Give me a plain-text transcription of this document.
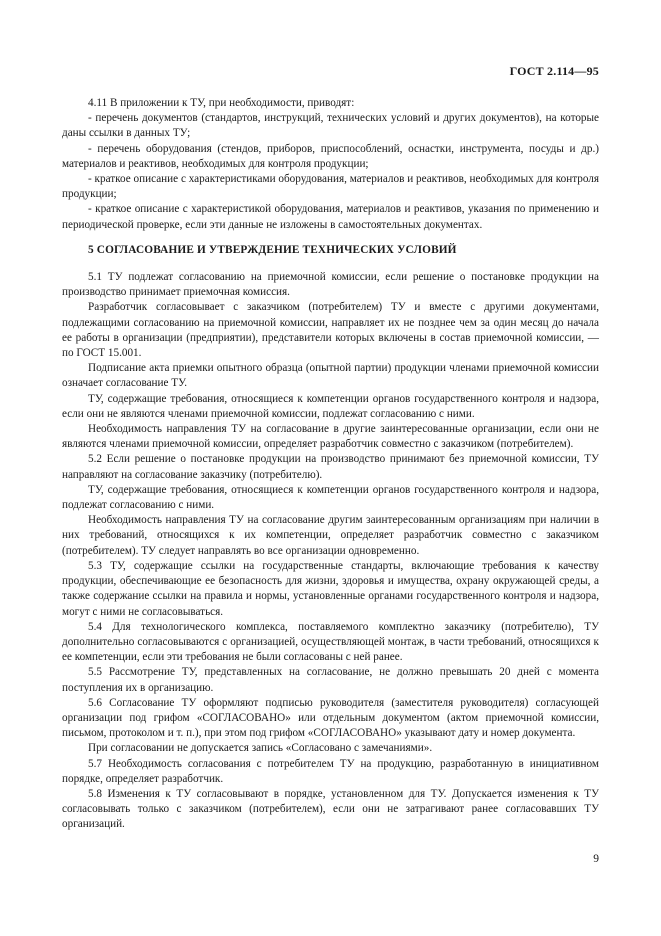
ГОСТ 2.114—95

4.11 В приложении к ТУ, при необходимости, приводят:

- перечень документов (стандартов, инструкций, технических условий и других документов), на которые даны ссылки в данных ТУ;

- перечень оборудования (стендов, приборов, приспособлений, оснастки, инструмента, посуды и др.) материалов и реактивов, необходимых для контроля продукции;

- краткое описание с характеристиками оборудования, материалов и реактивов, необходимых для контроля продукции;

- краткое описание с характеристикой оборудования, материалов и реактивов, указания по применению и периодической проверке, если эти данные не изложены в самостоятельных документах.

5 СОГЛАСОВАНИЕ И УТВЕРЖДЕНИЕ ТЕХНИЧЕСКИХ УСЛОВИЙ

5.1 ТУ подлежат согласованию на приемочной комиссии, если решение о постановке продукции на производство принимает приемочная комиссия.

Разработчик согласовывает с заказчиком (потребителем) ТУ и вместе с другими документами, подлежащими согласованию на приемочной комиссии, направляет их не позднее чем за один месяц до начала ее работы в организации (предприятии), представители которых включены в состав приемочной комиссии, — по ГОСТ 15.001.

Подписание акта приемки опытного образца (опытной партии) продукции членами приемочной комиссии означает согласование ТУ.

ТУ, содержащие требования, относящиеся к компетенции органов государственного контроля и надзора, если они не являются членами приемочной комиссии, подлежат согласованию с ними.

Необходимость направления ТУ на согласование в другие заинтересованные организации, если они не являются членами приемочной комиссии, определяет разработчик совместно с заказчиком (потребителем).

5.2 Если решение о постановке продукции на производство принимают без приемочной комиссии, ТУ направляют на согласование заказчику (потребителю).

ТУ, содержащие требования, относящиеся к компетенции органов государственного контроля и надзора, подлежат согласованию с ними.

Необходимость направления ТУ на согласование другим заинтересованным организациям при наличии в них требований, относящихся к их компетенции, определяет разработчик совместно с заказчиком (потребителем). ТУ следует направлять во все организации одновременно.

5.3 ТУ, содержащие ссылки на государственные стандарты, включающие требования к качеству продукции, обеспечивающие ее безопасность для жизни, здоровья и имущества, охрану окружающей среды, а также содержание ссылки на правила и нормы, установленные органами государственного контроля и надзора, могут с ними не согласовываться.

5.4 Для технологического комплекса, поставляемого комплектно заказчику (потребителю), ТУ дополнительно согласовываются с организацией, осуществляющей монтаж, в части требований, относящихся к ее компетенции, если эти требования не были согласованы с ней ранее.

5.5 Рассмотрение ТУ, представленных на согласование, не должно превышать 20 дней с момента поступления их в организацию.

5.6 Согласование ТУ оформляют подписью руководителя (заместителя руководителя) согласующей организации под грифом «СОГЛАСОВАНО» или отдельным документом (актом приемочной комиссии, письмом, протоколом и т. п.), при этом под грифом «СОГЛАСОВАНО» указывают дату и номер документа.

При согласовании не допускается запись «Согласовано с замечаниями».

5.7 Необходимость согласования с потребителем ТУ на продукцию, разработанную в инициативном порядке, определяет разработчик.

5.8 Изменения к ТУ согласовывают в порядке, установленном для ТУ. Допускается изменения к ТУ согласовывать только с заказчиком (потребителем), если они не затрагивают ранее согласовавших ТУ организаций.

9
